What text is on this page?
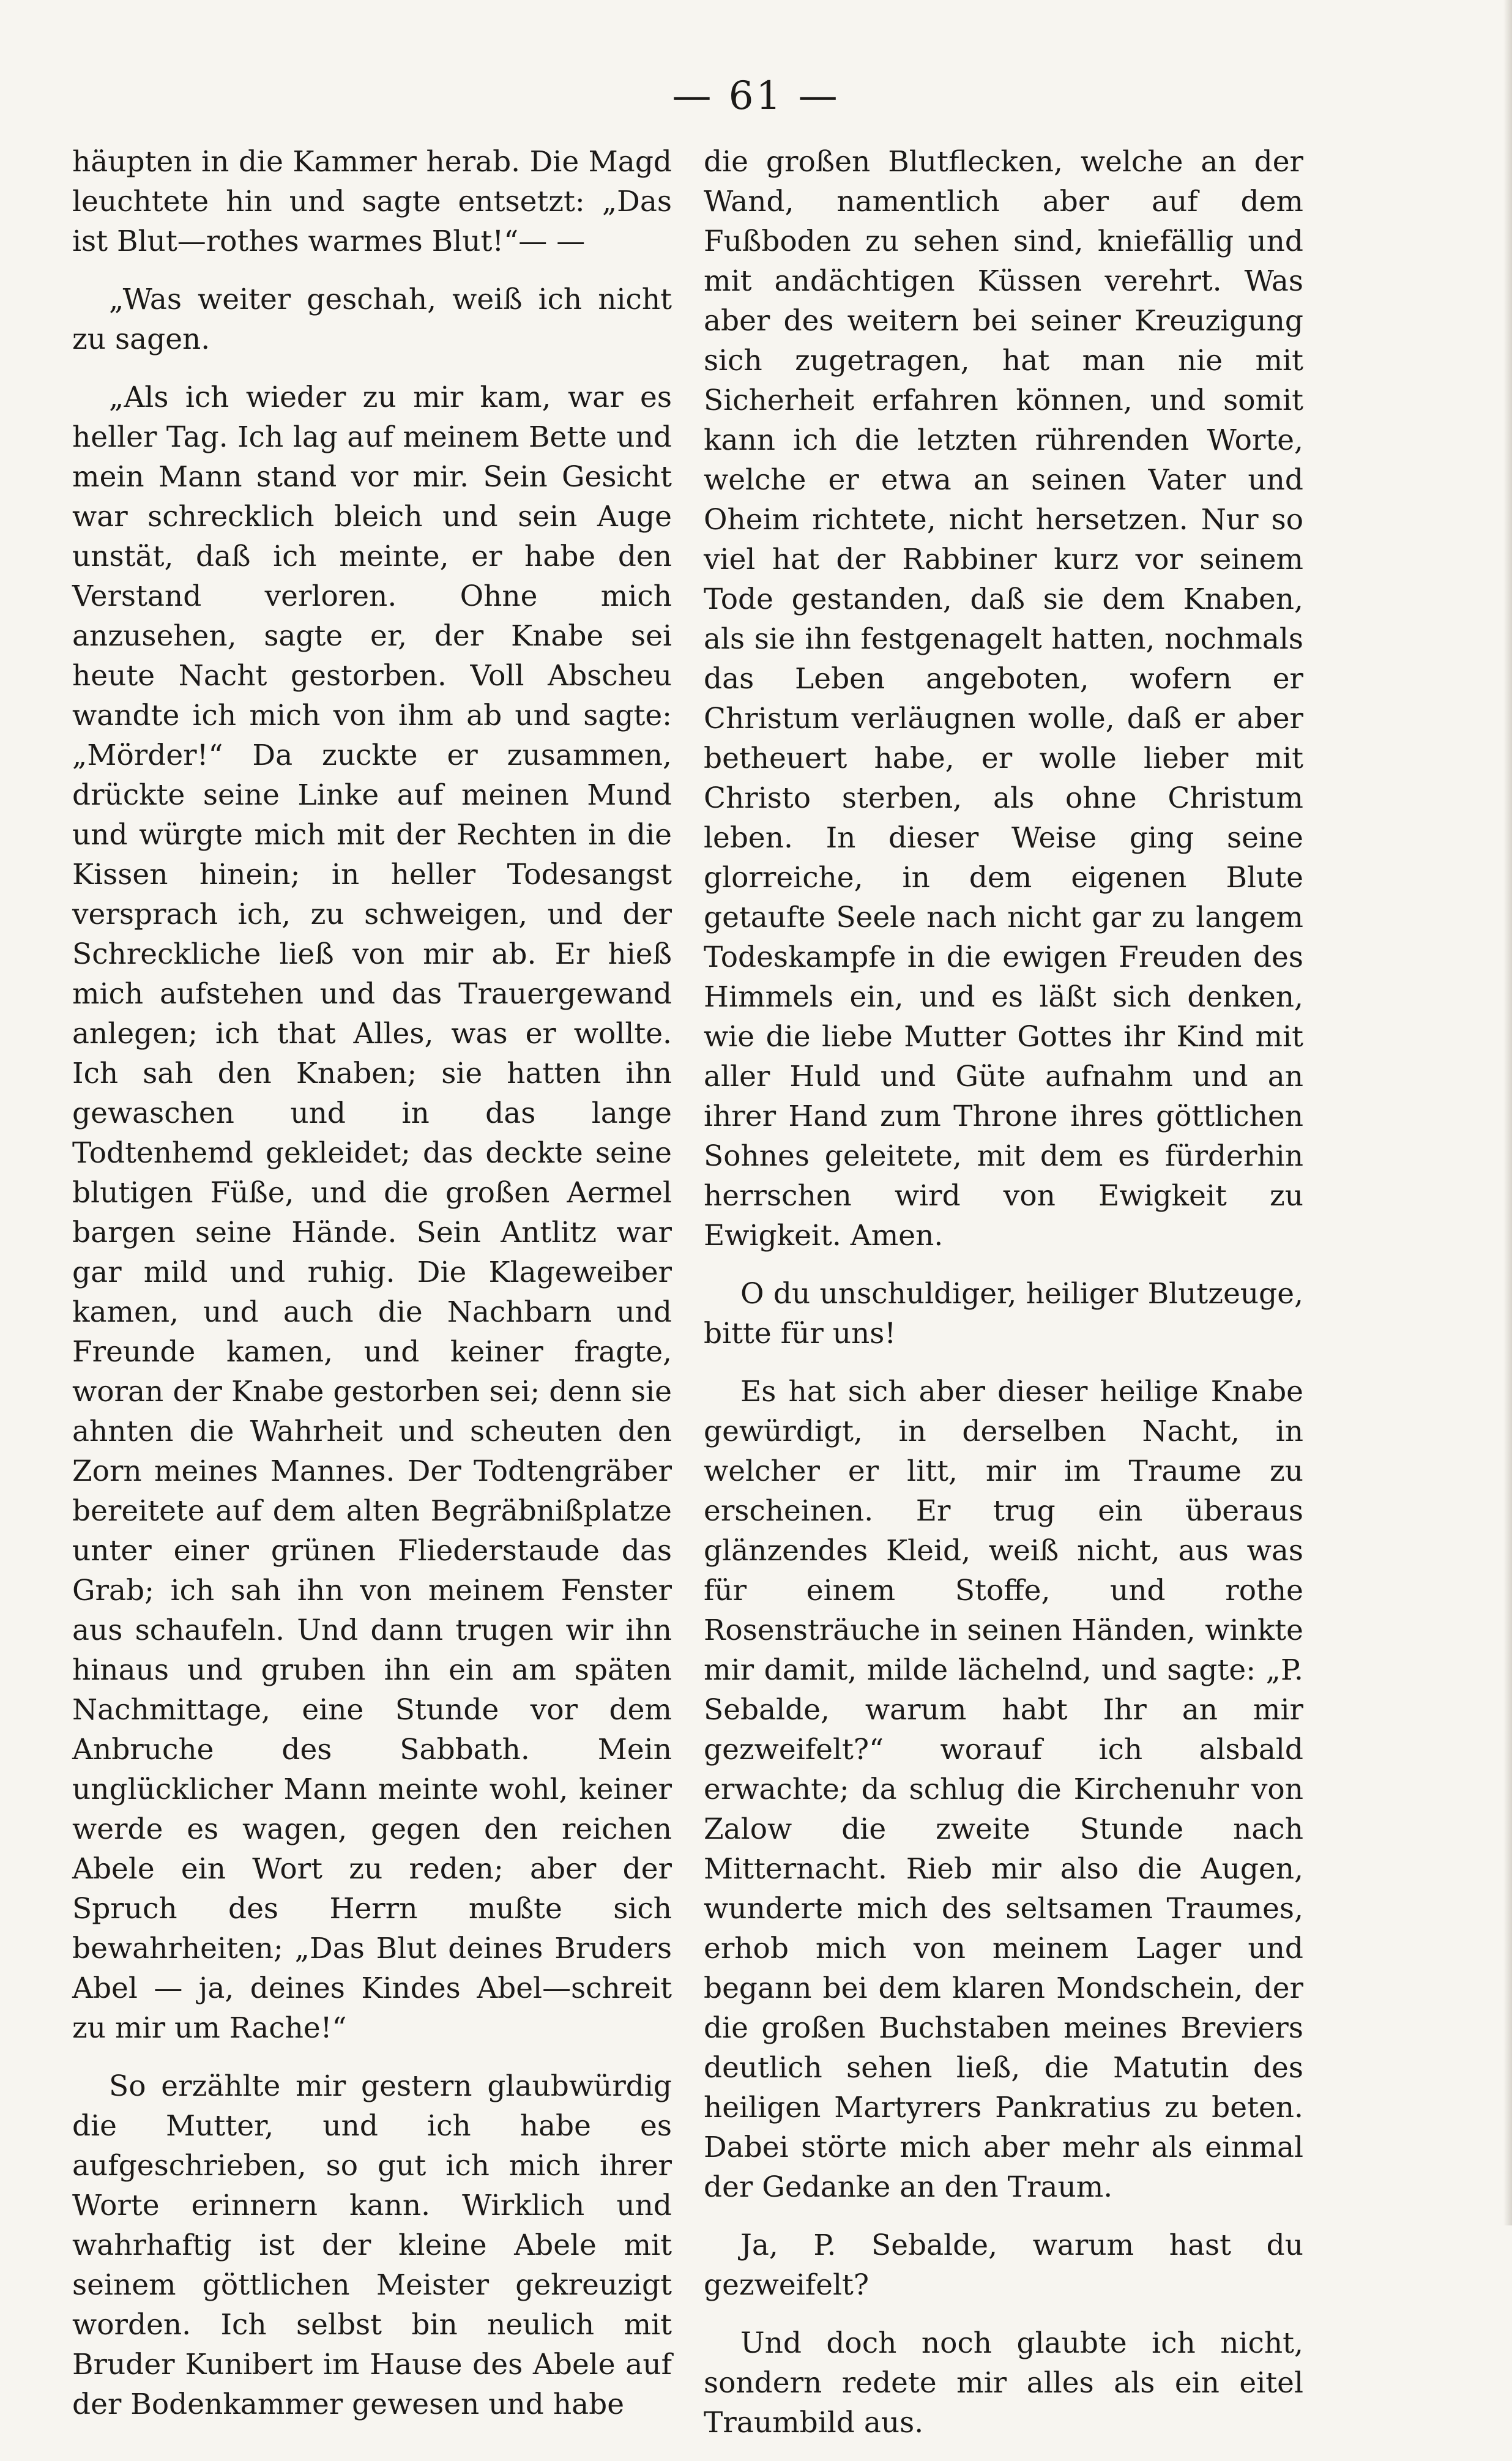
— 61 —

häupten in die Kammer herab. Die Magd leuchtete hin und sagte entsetzt: „Das ist Blut—rothes warmes Blut!“— —

„Was weiter geschah, weiß ich nicht zu sagen.

„Als ich wieder zu mir kam, war es heller Tag. Ich lag auf meinem Bette und mein Mann stand vor mir. Sein Gesicht war schrecklich bleich und sein Auge unstät, daß ich meinte, er habe den Verstand verloren. Ohne mich anzusehen, sagte er, der Knabe sei heute Nacht gestorben. Voll Abscheu wandte ich mich von ihm ab und sagte: „Mörder!“ Da zuckte er zusammen, drückte seine Linke auf meinen Mund und würgte mich mit der Rechten in die Kissen hinein; in heller Todesangst versprach ich, zu schweigen, und der Schreckliche ließ von mir ab. Er hieß mich aufstehen und das Trauergewand anlegen; ich that Alles, was er wollte. Ich sah den Knaben; sie hatten ihn gewaschen und in das lange Todtenhemd gekleidet; das deckte seine blutigen Füße, und die großen Aermel bargen seine Hände. Sein Antlitz war gar mild und ruhig. Die Klageweiber kamen, und auch die Nachbarn und Freunde kamen, und keiner fragte, woran der Knabe gestorben sei; denn sie ahnten die Wahrheit und scheuten den Zorn meines Mannes. Der Todtengräber bereitete auf dem alten Begräbnißplatze unter einer grünen Fliederstaude das Grab; ich sah ihn von meinem Fenster aus schaufeln. Und dann trugen wir ihn hinaus und gruben ihn ein am späten Nachmittage, eine Stunde vor dem Anbruche des Sabbath. Mein unglücklicher Mann meinte wohl, keiner werde es wagen, gegen den reichen Abele ein Wort zu reden; aber der Spruch des Herrn mußte sich bewahrheiten; „Das Blut deines Bruders Abel — ja, deines Kindes Abel—schreit zu mir um Rache!“

So erzählte mir gestern glaubwürdig die Mutter, und ich habe es aufgeschrieben, so gut ich mich ihrer Worte erinnern kann. Wirklich und wahrhaftig ist der kleine Abele mit seinem göttlichen Meister gekreuzigt worden. Ich selbst bin neulich mit Bruder Kunibert im Hause des Abele auf der Bodenkammer gewesen und habe

die großen Blutflecken, welche an der Wand, namentlich aber auf dem Fußboden zu sehen sind, kniefällig und mit andächtigen Küssen verehrt. Was aber des weitern bei seiner Kreuzigung sich zugetragen, hat man nie mit Sicherheit erfahren können, und somit kann ich die letzten rührenden Worte, welche er etwa an seinen Vater und Oheim richtete, nicht hersetzen. Nur so viel hat der Rabbiner kurz vor seinem Tode gestanden, daß sie dem Knaben, als sie ihn festgenagelt hatten, nochmals das Leben angeboten, wofern er Christum verläugnen wolle, daß er aber betheuert habe, er wolle lieber mit Christo sterben, als ohne Christum leben. In dieser Weise ging seine glorreiche, in dem eigenen Blute getaufte Seele nach nicht gar zu langem Todeskampfe in die ewigen Freuden des Himmels ein, und es läßt sich denken, wie die liebe Mutter Gottes ihr Kind mit aller Huld und Güte aufnahm und an ihrer Hand zum Throne ihres göttlichen Sohnes geleitete, mit dem es fürderhin herrschen wird von Ewigkeit zu Ewigkeit. Amen.

O du unschuldiger, heiliger Blutzeuge, bitte für uns!

Es hat sich aber dieser heilige Knabe gewürdigt, in derselben Nacht, in welcher er litt, mir im Traume zu erscheinen. Er trug ein überaus glänzendes Kleid, weiß nicht, aus was für einem Stoffe, und rothe Rosensträuche in seinen Händen, winkte mir damit, milde lächelnd, und sagte: „P. Sebalde, warum habt Ihr an mir gezweifelt?“ worauf ich alsbald erwachte; da schlug die Kirchenuhr von Zalow die zweite Stunde nach Mitternacht. Rieb mir also die Augen, wunderte mich des seltsamen Traumes, erhob mich von meinem Lager und begann bei dem klaren Mondschein, der die großen Buchstaben meines Breviers deutlich sehen ließ, die Matutin des heiligen Martyrers Pankratius zu beten. Dabei störte mich aber mehr als einmal der Gedanke an den Traum.

Ja, P. Sebalde, warum hast du gezweifelt?

Und doch noch glaubte ich nicht, sondern redete mir alles als ein eitel Traumbild aus.
